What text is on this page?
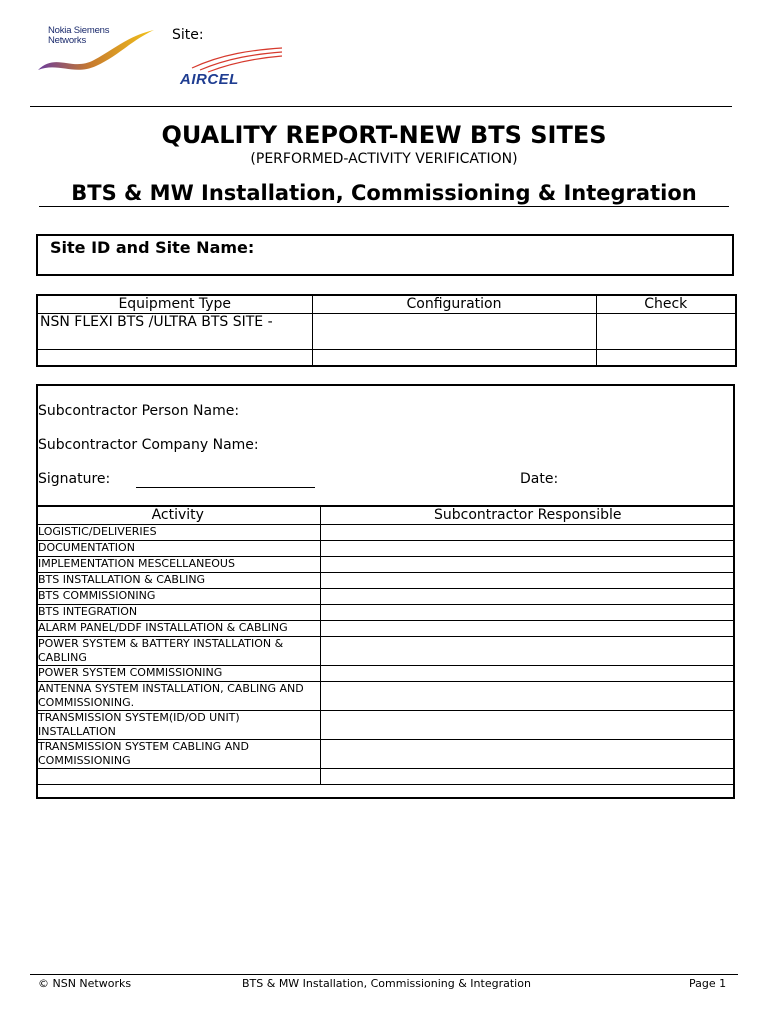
Nokia Siemens
Networks	Site:
AIRCEL
QUALITY REPORT-NEW BTS SITES
(PERFORMED-ACTIVITY VERIFICATION)
BTS & MW Installation, Commissioning & Integration
Site ID and Site Name:
Equipment Type	Configuration	Check
NSN FLEXI BTS /ULTRA BTS SITE -		

Subcontractor Person Name:
Subcontractor Company Name:
Signature:	Date:
Activity	Subcontractor Responsible
LOGISTIC/DELIVERIES	
DOCUMENTATION	
IMPLEMENTATION MESCELLANEOUS	
BTS INSTALLATION & CABLING	
BTS COMMISSIONING	
BTS INTEGRATION	
ALARM PANEL/DDF INSTALLATION & CABLING	
POWER SYSTEM & BATTERY INSTALLATION & CABLING	
POWER SYSTEM COMMISSIONING	
ANTENNA SYSTEM INSTALLATION, CABLING AND COMMISSIONING.	
TRANSMISSION SYSTEM(ID/OD UNIT) INSTALLATION	
TRANSMISSION SYSTEM CABLING AND COMMISSIONING	

© NSN Networks	BTS & MW Installation, Commissioning & Integration	Page 1
